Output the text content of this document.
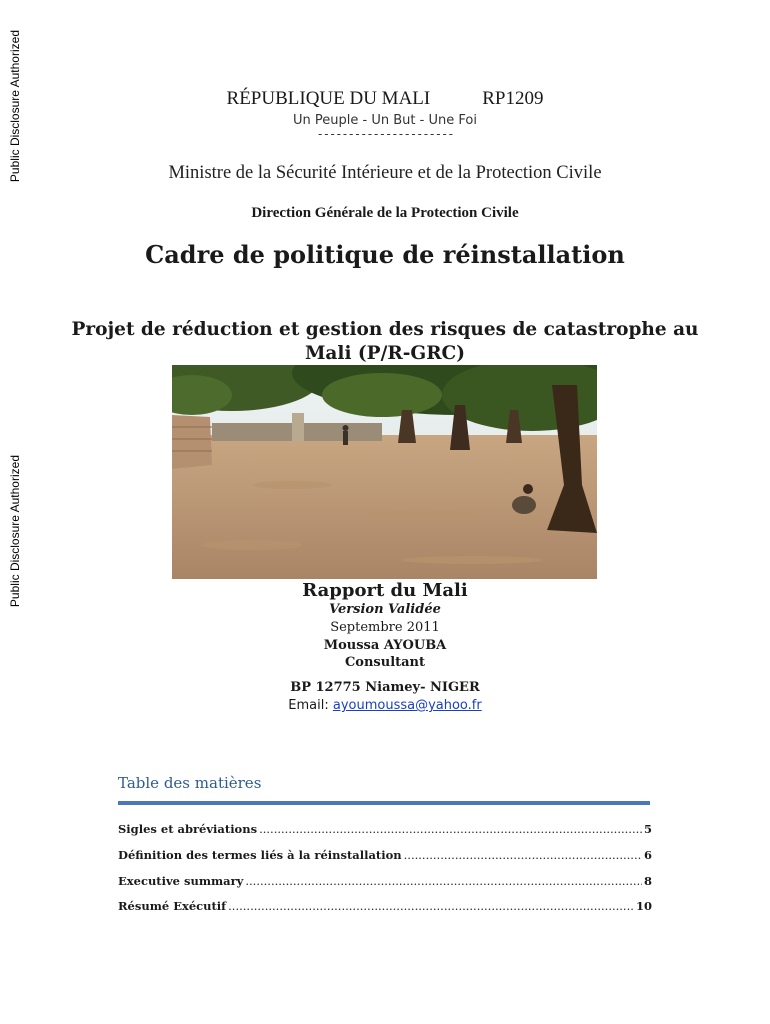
Public Disclosure Authorized
Public Disclosure Authorized
RÉPUBLIQUE DU MALI	RP1209
Un Peuple - Un But - Une Foi
----------------------
Ministre de la Sécurité Intérieure et de la Protection Civile
Direction Générale de la Protection Civile
Cadre de politique de réinstallation
Projet de réduction et gestion des risques de catastrophe au
Mali (P/R-GRC)
Rapport du Mali
Version Validée
Septembre 2011
Moussa AYOUBA
Consultant
BP 12775 Niamey- NIGER
Email: ayoumoussa@yahoo.fr
Table des matières
Sigles et abréviations .....	5
Définition des termes liés à la réinstallation .....	6
Executive summary .....	8
Résumé Exécutif .....	10
